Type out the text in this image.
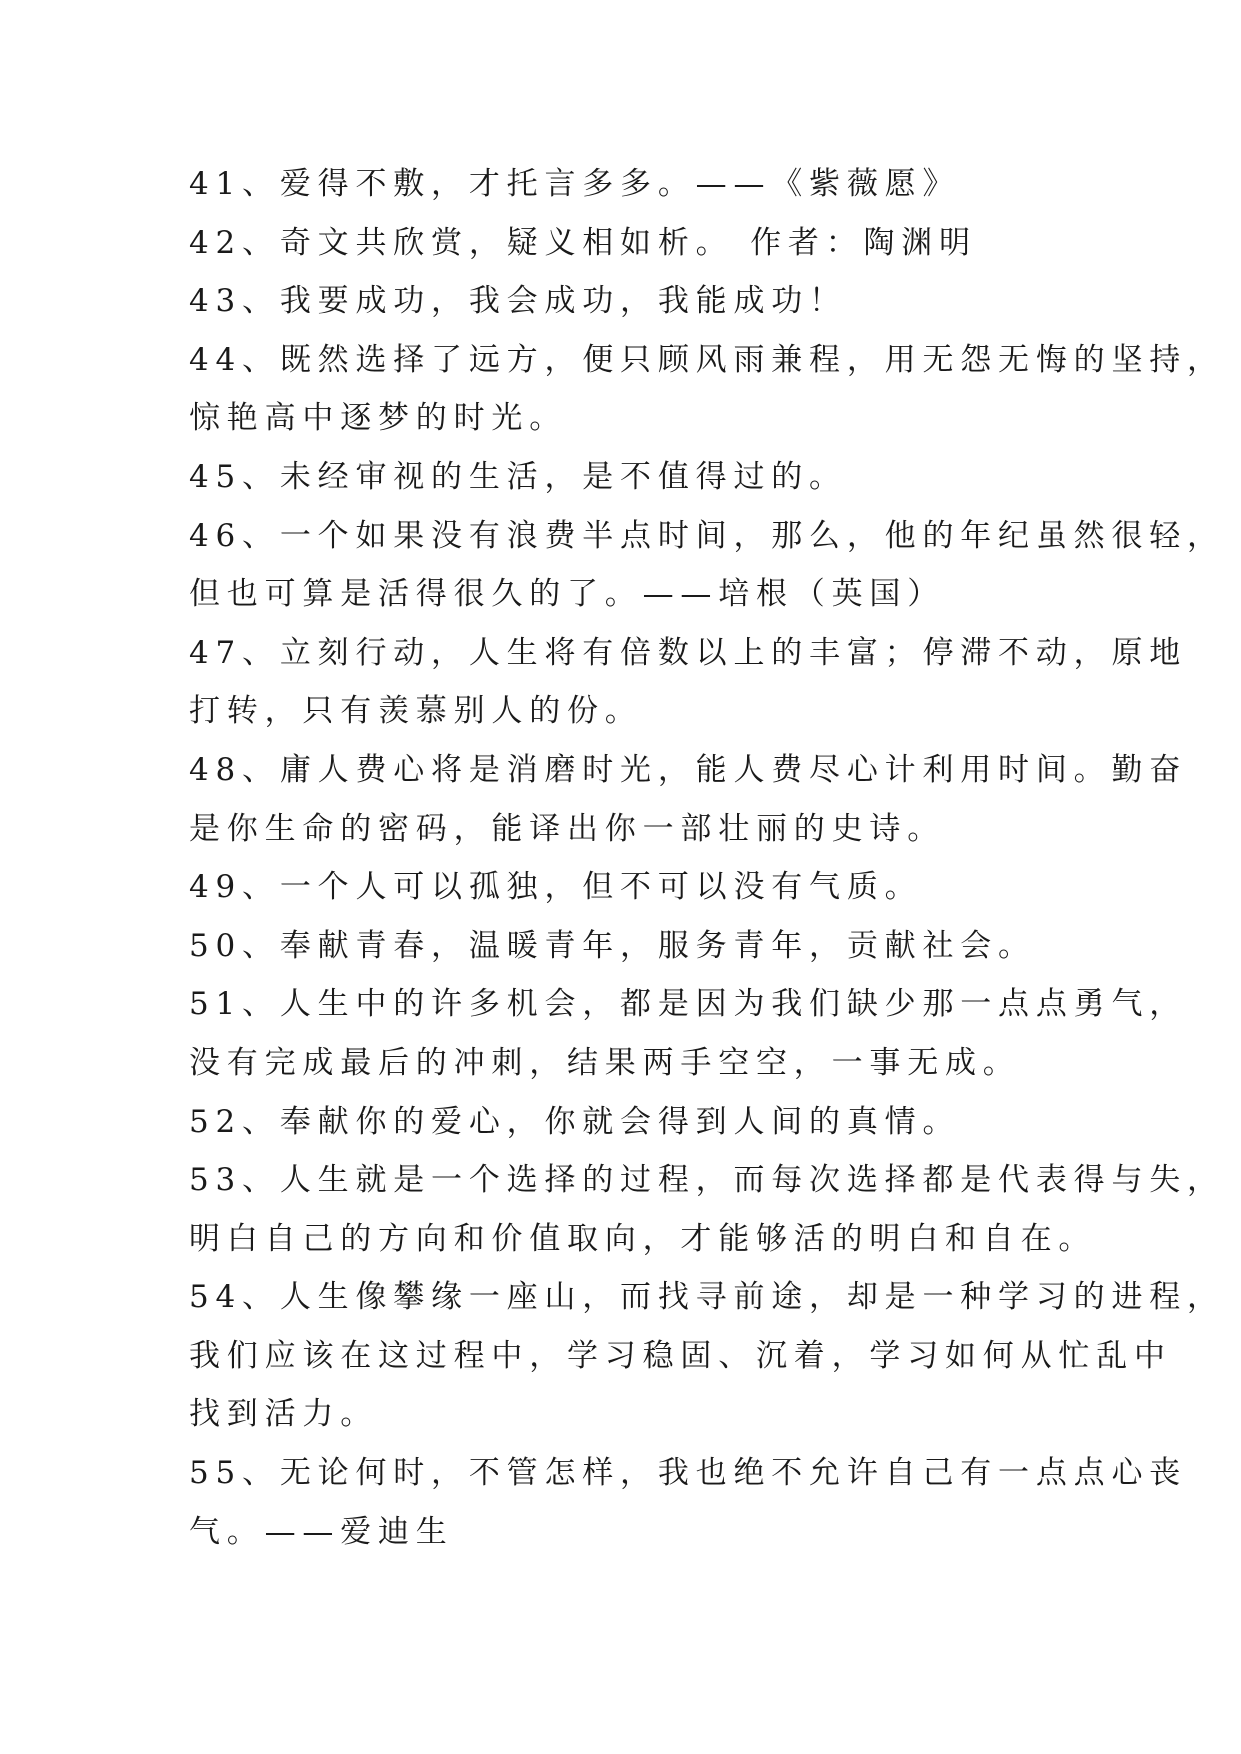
41、爱得不敷，才托言多多。——《紫薇愿》
42、奇文共欣赏，疑义相如析。 作者：陶渊明
43、我要成功，我会成功，我能成功！
44、既然选择了远方，便只顾风雨兼程，用无怨无悔的坚持，
惊艳高中逐梦的时光。
45、未经审视的生活，是不值得过的。
46、一个如果没有浪费半点时间，那么，他的年纪虽然很轻，
但也可算是活得很久的了。——培根（英国）
47、立刻行动，人生将有倍数以上的丰富；停滞不动，原地
打转，只有羡慕别人的份。
48、庸人费心将是消磨时光，能人费尽心计利用时间。勤奋
是你生命的密码，能译出你一部壮丽的史诗。
49、一个人可以孤独，但不可以没有气质。
50、奉献青春，温暖青年，服务青年，贡献社会。
51、人生中的许多机会，都是因为我们缺少那一点点勇气，
没有完成最后的冲刺，结果两手空空，一事无成。
52、奉献你的爱心，你就会得到人间的真情。
53、人生就是一个选择的过程，而每次选择都是代表得与失，
明白自己的方向和价值取向，才能够活的明白和自在。
54、人生像攀缘一座山，而找寻前途，却是一种学习的进程，
我们应该在这过程中，学习稳固、沉着，学习如何从忙乱中
找到活力。
55、无论何时，不管怎样，我也绝不允许自己有一点点心丧
气。——爱迪生
